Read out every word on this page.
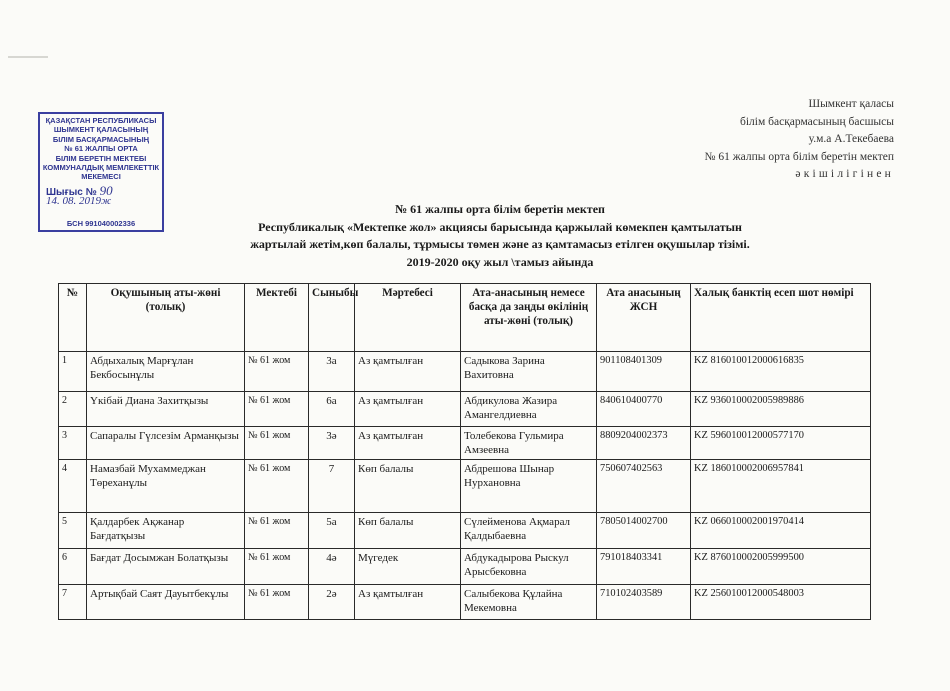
ҚАЗАҚСТАН РЕСПУБЛИКАСЫ
ШЫМКЕНТ ҚАЛАСЫНЫҢ
БІЛІМ БАСҚАРМАСЫНЫҢ
№ 61 ЖАЛПЫ ОРТА
БІЛІМ БЕРЕТІН МЕКТЕБІ
КОММУНАЛДЫҚ МЕМЛЕКЕТТІК
МЕКЕМЕСІ
Шығыс № 90
14. 08. 2019ж
БСН 991040002336
Шымкент қаласы
білім басқармасының басшысы
у.м.а А.Текебаева
№ 61 жалпы орта білім беретін мектеп
әкішілігінен
№ 61 жалпы орта білім беретін мектеп
Республикалық «Мектепке жол» акциясы барысында қаржылай көмекпен қамтылатын
жартылай жетім,көп балалы, тұрмысы төмен және аз қамтамасыз етілген оқушылар тізімі.
2019-2020 оқу жыл \тамыз айында
№	Оқушының аты-жөні (толық)	Мектебі	Сыныбы	Мәртебесі	Ата-анасының немесе басқа да заңды өкілінің аты-жөні (толық)	Ата анасының ЖСН	Халық банктің есеп шот нөмірі
1	Абдыхалық Марғұлан Бекбосынұлы	№ 61 жом	3а	Аз қамтылған	Садыкова Зарина Вахитовна	901108401309	KZ 816010012000616835
2	Үкібай Диана Захитқызы	№ 61 жом	6а	Аз қамтылған	Абдикулова Жазира Амангелдиевна	840610400770	KZ 936010002005989886
3	Сапаралы Гүлсезім Арманқызы	№ 61 жом	3ә	Аз қамтылған	Толебекова Гульмира Амзеевна	8809204002373	KZ 596010012000577170
4	Намазбай Мухаммеджан Төреханұлы	№ 61 жом	7	Көп балалы	Абдрешова Шынар Нурхановна	750607402563	KZ 186010002006957841
5	Қалдарбек Ақжанар Бағдатқызы	№ 61 жом	5а	Көп балалы	Сүлейменова Ақмарал Қалдыбаевна	7805014002700	KZ 066010002001970414
6	Бағдат Досымжан Болатқызы	№ 61 жом	4ә	Мүгедек	Абдукадырова Рыскул Арысбековна	791018403341	KZ 876010002005999500
7	Артықбай Саят Дауытбекұлы	№ 61 жом	2ә	Аз қамтылған	Салыбекова Құлайна Мекемовна	710102403589	KZ 256010012000548003
